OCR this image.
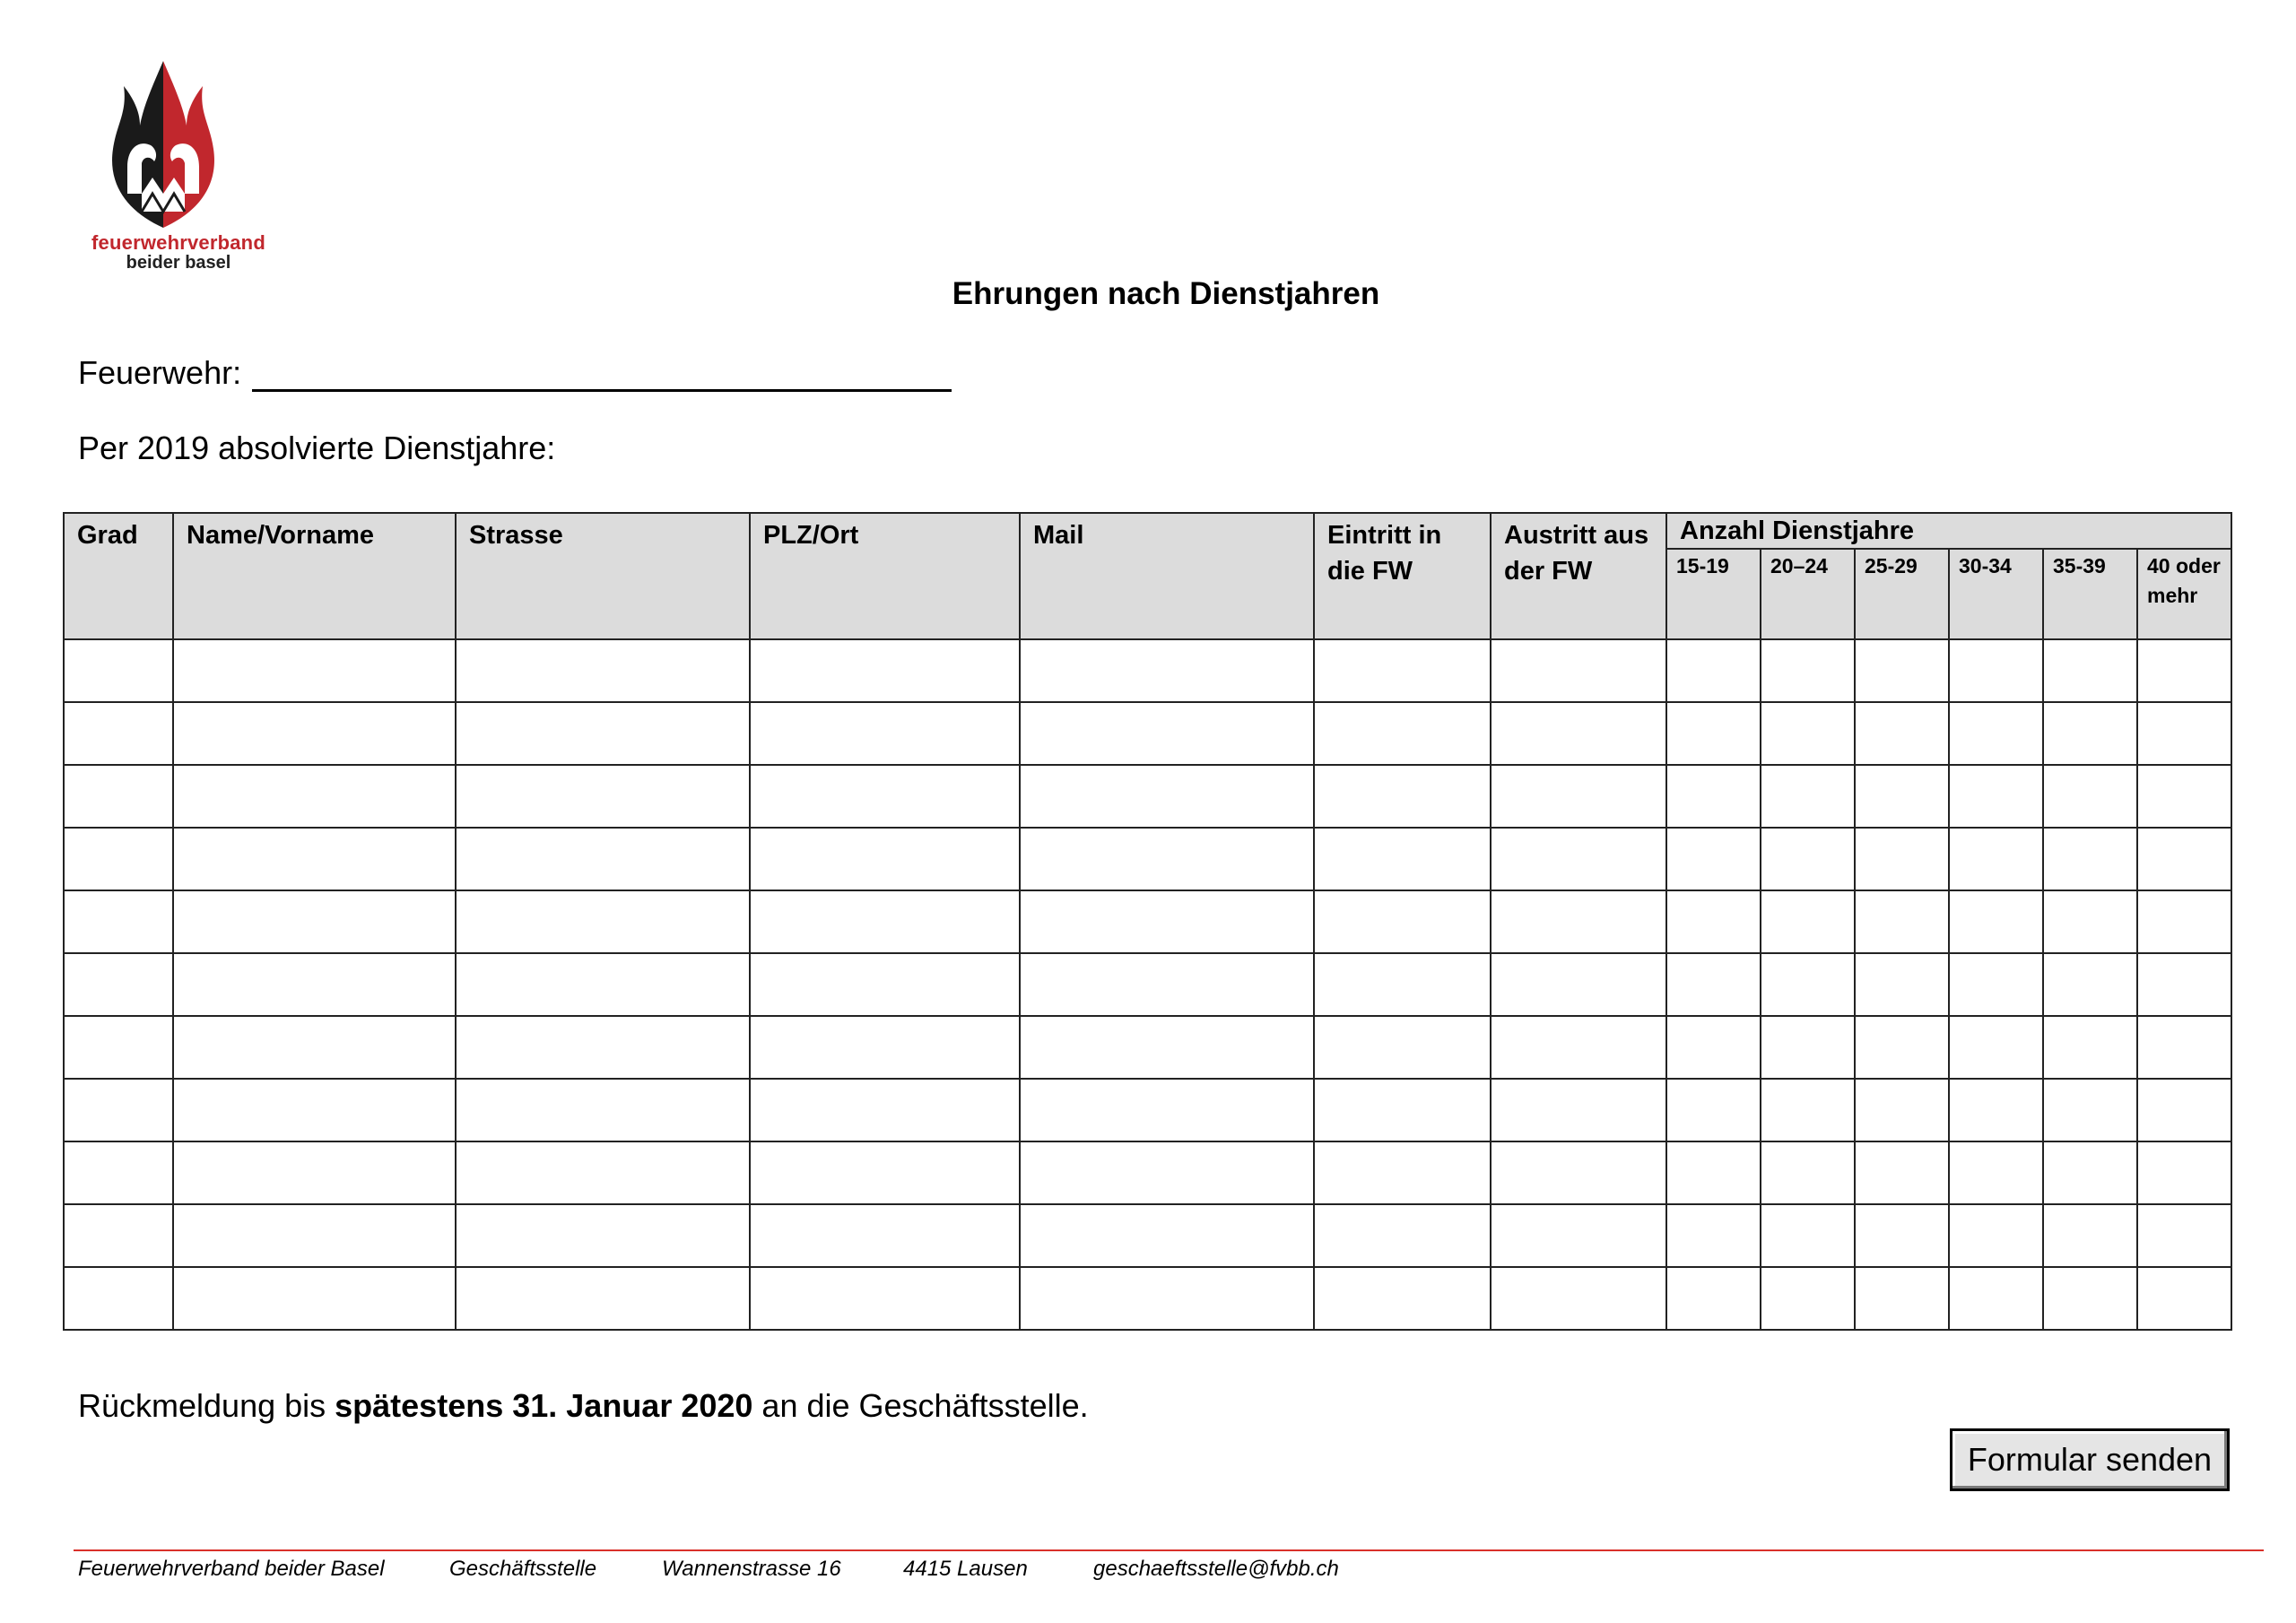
feuerwehrverband
beider basel
Ehrungen nach Dienstjahren
Feuerwehr:
Per 2019 absolvierte Dienstjahre:
Grad	Name/Vorname	Strasse	PLZ/Ort	Mail	Eintritt in die FW	Austritt aus der FW	Anzahl Dienstjahre					
							15-19	20–24	25-29	30-34	35-39	40 oder mehr

Rückmeldung bis spätestens 31. Januar 2020 an die Geschäftsstelle.
Formular senden
Feuerwehrverband beider Basel	Geschäftsstelle	Wannenstrasse 16	4415 Lausen	geschaeftsstelle@fvbb.ch
